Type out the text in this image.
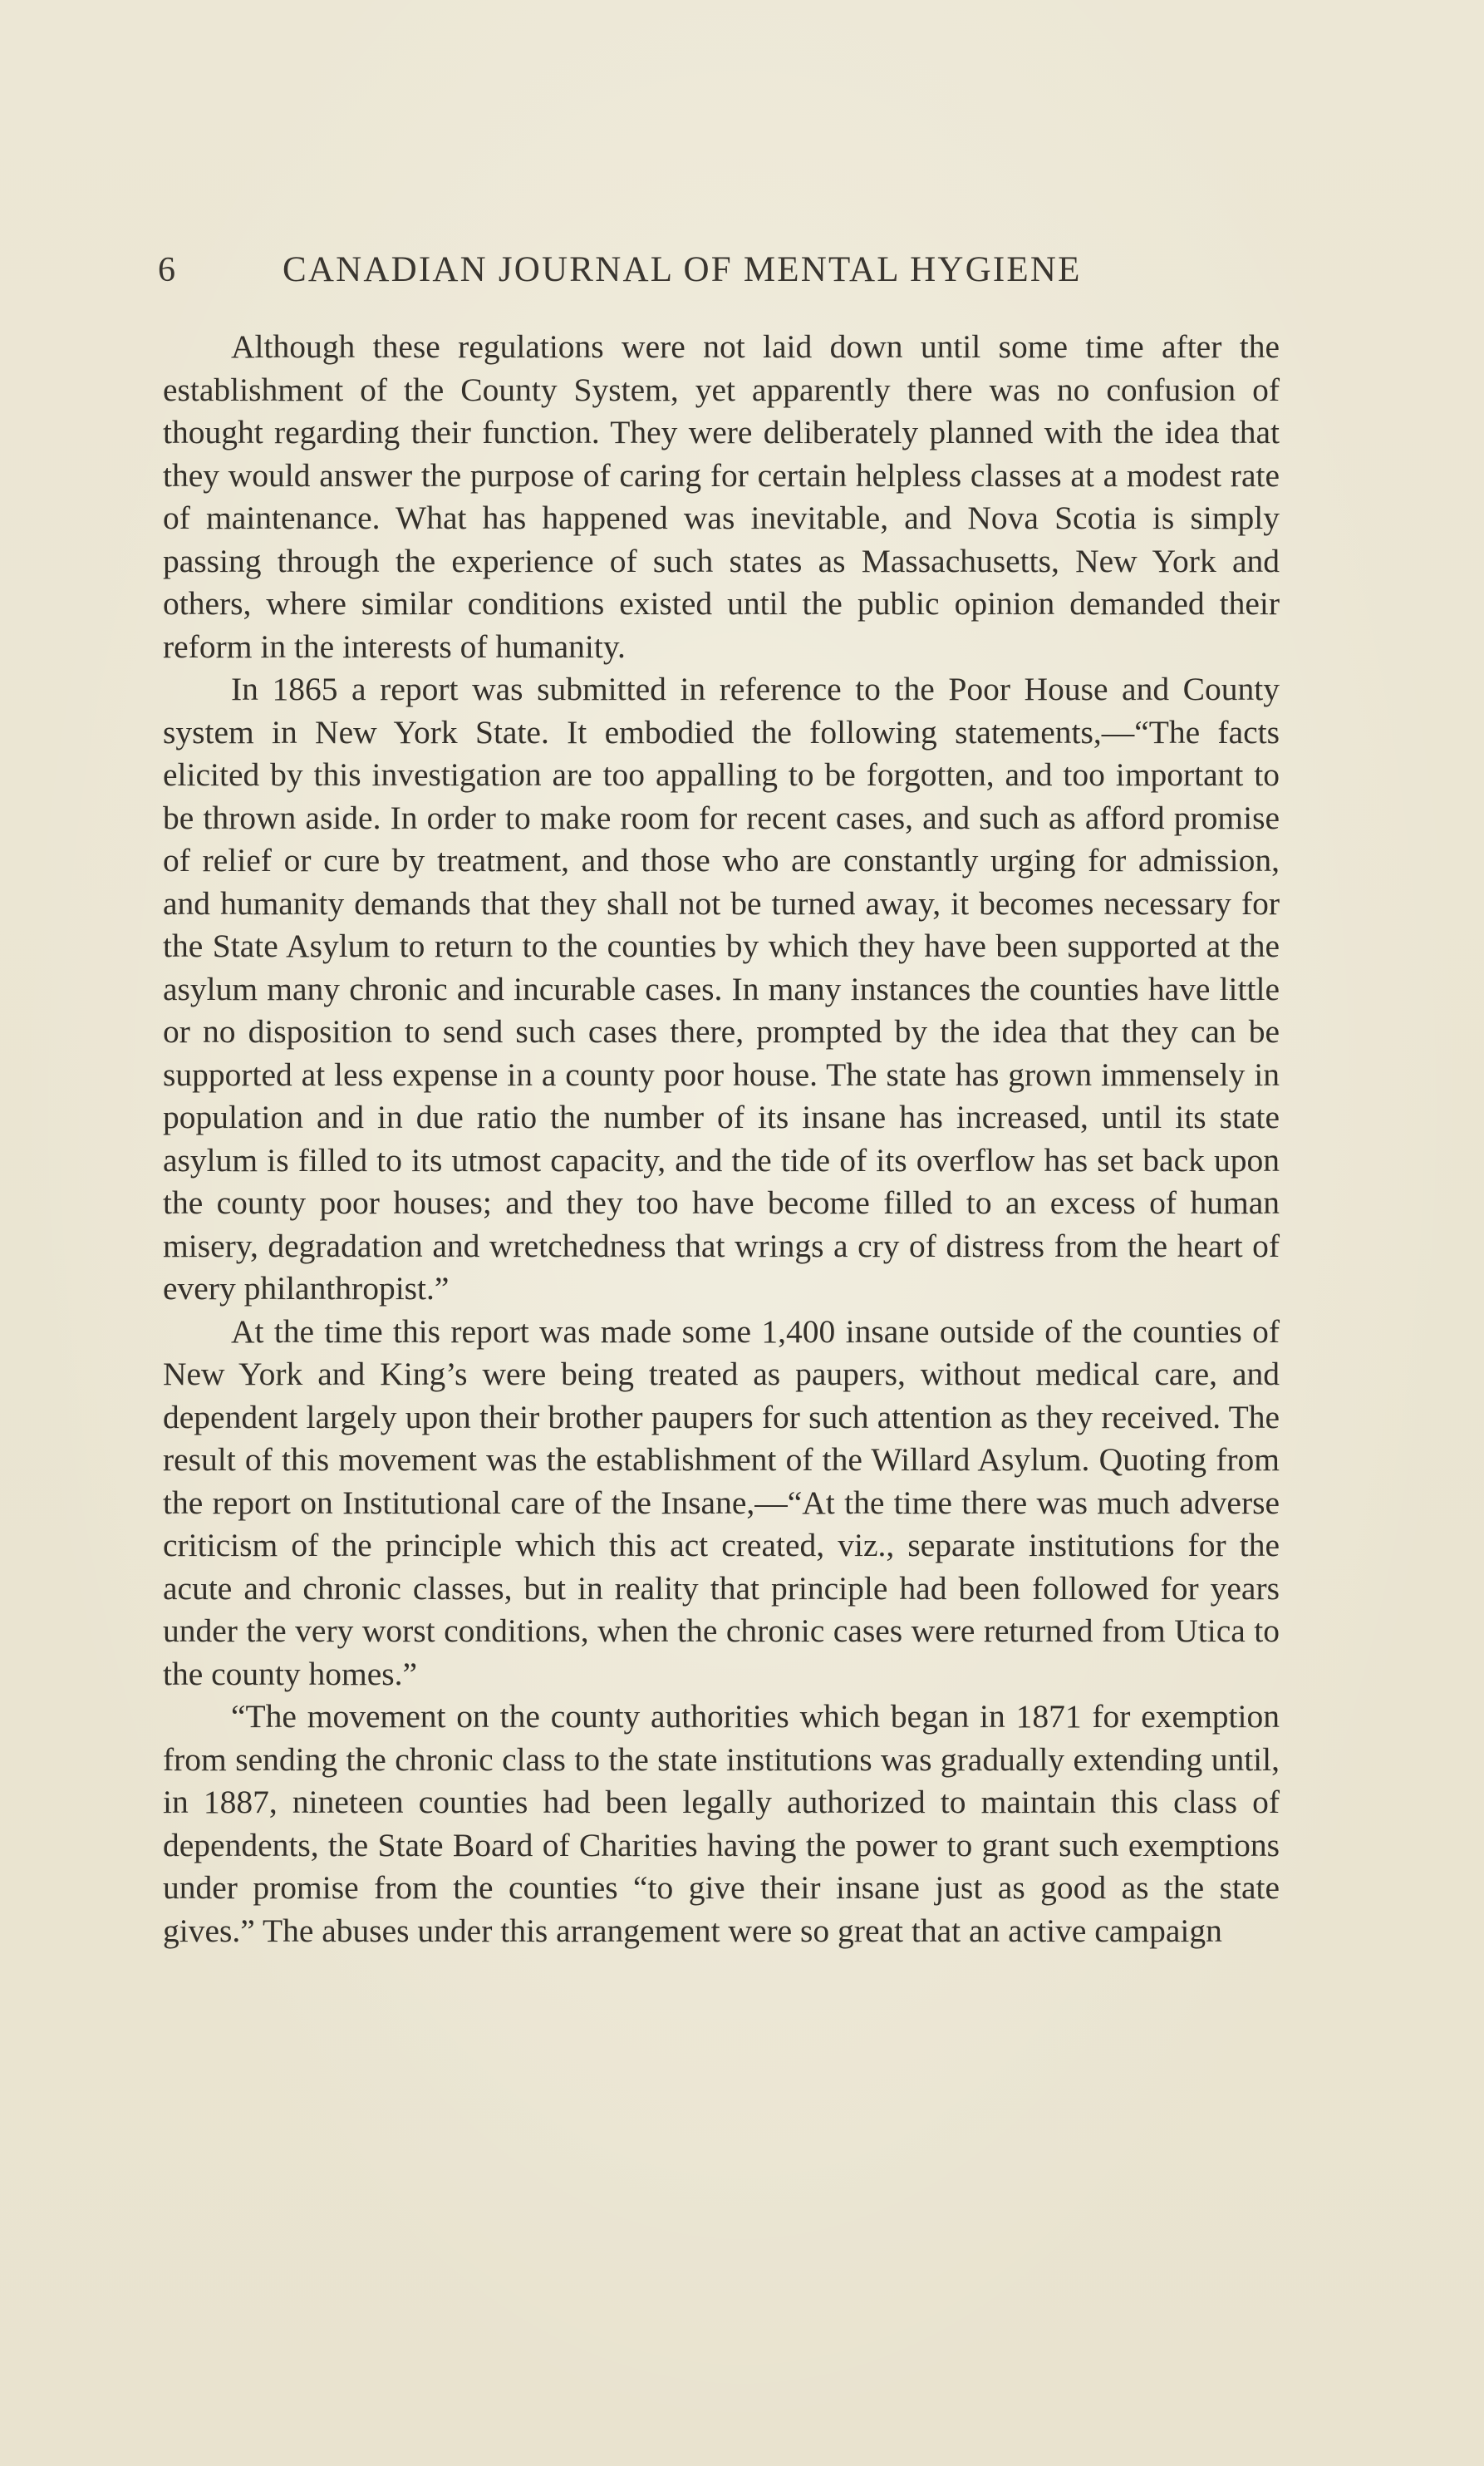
6	CANADIAN JOURNAL OF MENTAL HYGIENE

Although these regulations were not laid down until some time after the establishment of the County System, yet apparently there was no confusion of thought regarding their function. They were deliberately planned with the idea that they would answer the purpose of caring for certain helpless classes at a modest rate of maintenance. What has happened was inevitable, and Nova Scotia is simply passing through the experience of such states as Massachusetts, New York and others, where similar conditions existed until the public opinion demanded their reform in the interests of humanity.

In 1865 a report was submitted in reference to the Poor House and County system in New York State. It embodied the following statements,—“The facts elicited by this investigation are too appalling to be forgotten, and too important to be thrown aside. In order to make room for recent cases, and such as afford promise of relief or cure by treatment, and those who are constantly urging for admission, and humanity demands that they shall not be turned away, it becomes necessary for the State Asylum to return to the counties by which they have been supported at the asylum many chronic and incurable cases. In many instances the counties have little or no disposition to send such cases there, prompted by the idea that they can be supported at less expense in a county poor house. The state has grown immensely in population and in due ratio the number of its insane has increased, until its state asylum is filled to its utmost capacity, and the tide of its overflow has set back upon the county poor houses; and they too have become filled to an excess of human misery, degradation and wretchedness that wrings a cry of distress from the heart of every philanthropist.”

At the time this report was made some 1,400 insane outside of the counties of New York and King’s were being treated as paupers, without medical care, and dependent largely upon their brother paupers for such attention as they received. The result of this movement was the establishment of the Willard Asylum. Quoting from the report on Institutional care of the Insane,—“At the time there was much adverse criticism of the principle which this act created, viz., separate institutions for the acute and chronic classes, but in reality that principle had been followed for years under the very worst conditions, when the chronic cases were returned from Utica to the county homes.”

“The movement on the county authorities which began in 1871 for exemption from sending the chronic class to the state institutions was gradually extending until, in 1887, nineteen counties had been legally authorized to maintain this class of dependents, the State Board of Charities having the power to grant such exemptions under promise from the counties “to give their insane just as good as the state gives.” The abuses under this arrangement were so great that an active campaign
